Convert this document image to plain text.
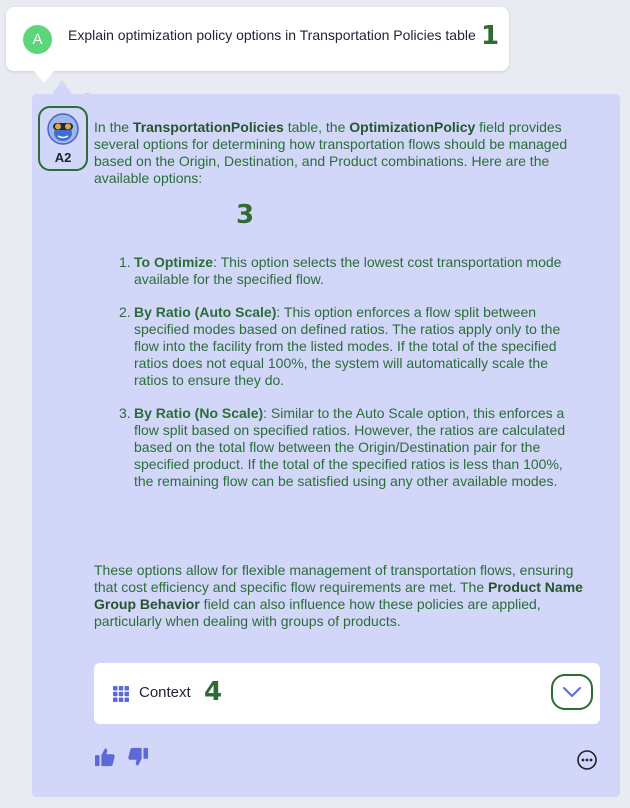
A	Explain optimization policy options in Transportation Policies table 1
A2
In the TransportationPolicies table, the OptimizationPolicy field provides several options for determining how transportation flows should be managed based on the Origin, Destination, and Product combinations. Here are the available options:
3
1. To Optimize: This option selects the lowest cost transportation mode available for the specified flow.
2. By Ratio (Auto Scale): This option enforces a flow split between specified modes based on defined ratios. The ratios apply only to the flow into the facility from the listed modes. If the total of the specified ratios does not equal 100%, the system will automatically scale the ratios to ensure they do.
3. By Ratio (No Scale): Similar to the Auto Scale option, this enforces a flow split based on specified ratios. However, the ratios are calculated based on the total flow between the Origin/Destination pair for the specified product. If the total of the specified ratios is less than 100%, the remaining flow can be satisfied using any other available modes.
These options allow for flexible management of transportation flows, ensuring that cost efficiency and specific flow requirements are met. The Product Name Group Behavior field can also influence how these policies are applied, particularly when dealing with groups of products.
Context 4
